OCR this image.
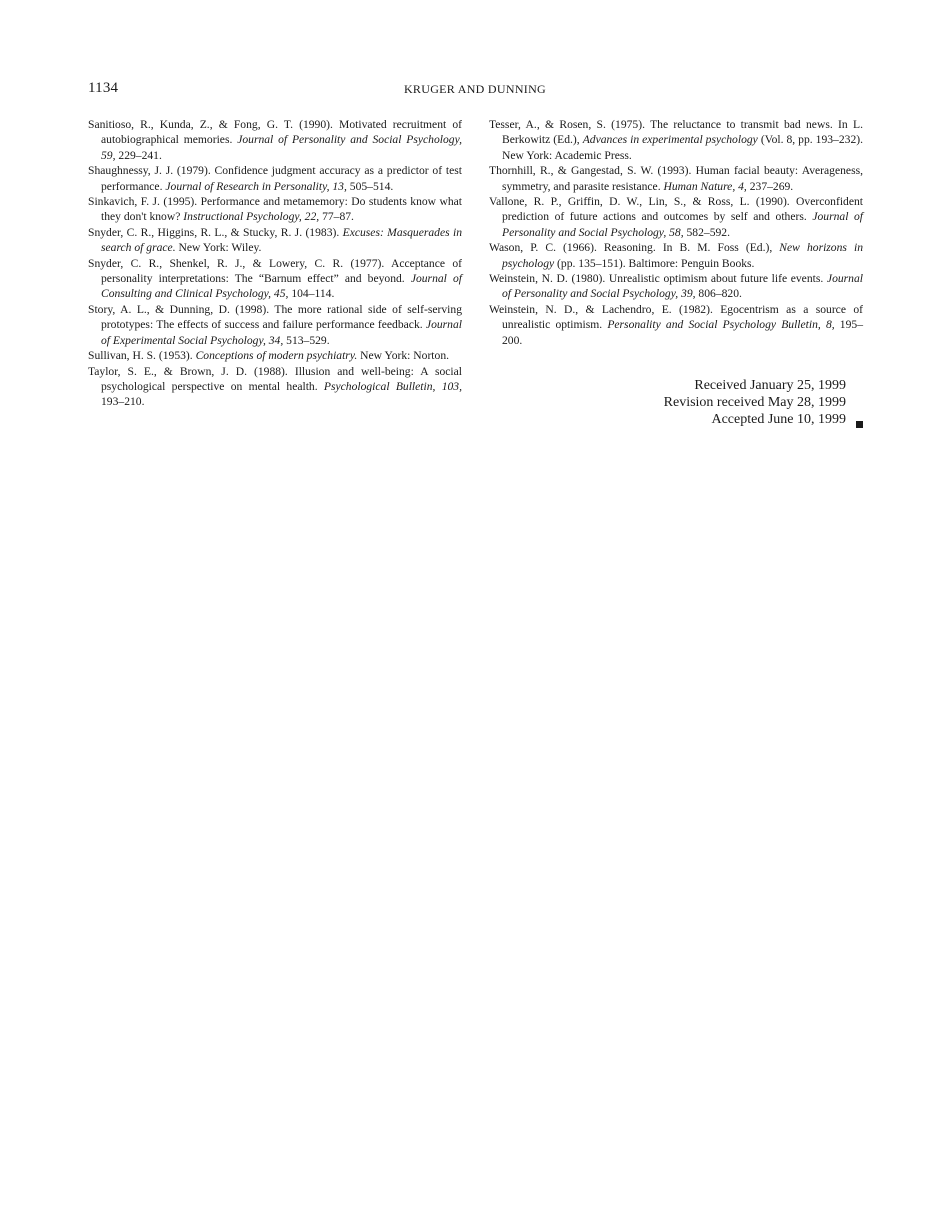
1134	KRUGER AND DUNNING

Sanitioso, R., Kunda, Z., & Fong, G. T. (1990). Motivated recruitment of autobiographical memories. Journal of Personality and Social Psychology, 59, 229–241.

Shaughnessy, J. J. (1979). Confidence judgment accuracy as a predictor of test performance. Journal of Research in Personality, 13, 505–514.

Sinkavich, F. J. (1995). Performance and metamemory: Do students know what they don't know? Instructional Psychology, 22, 77–87.

Snyder, C. R., Higgins, R. L., & Stucky, R. J. (1983). Excuses: Masquerades in search of grace. New York: Wiley.

Snyder, C. R., Shenkel, R. J., & Lowery, C. R. (1977). Acceptance of personality interpretations: The “Barnum effect” and beyond. Journal of Consulting and Clinical Psychology, 45, 104–114.

Story, A. L., & Dunning, D. (1998). The more rational side of self-serving prototypes: The effects of success and failure performance feedback. Journal of Experimental Social Psychology, 34, 513–529.

Sullivan, H. S. (1953). Conceptions of modern psychiatry. New York: Norton.

Taylor, S. E., & Brown, J. D. (1988). Illusion and well-being: A social psychological perspective on mental health. Psychological Bulletin, 103, 193–210.

Tesser, A., & Rosen, S. (1975). The reluctance to transmit bad news. In L. Berkowitz (Ed.), Advances in experimental psychology (Vol. 8, pp. 193–232). New York: Academic Press.

Thornhill, R., & Gangestad, S. W. (1993). Human facial beauty: Averageness, symmetry, and parasite resistance. Human Nature, 4, 237–269.

Vallone, R. P., Griffin, D. W., Lin, S., & Ross, L. (1990). Overconfident prediction of future actions and outcomes by self and others. Journal of Personality and Social Psychology, 58, 582–592.

Wason, P. C. (1966). Reasoning. In B. M. Foss (Ed.), New horizons in psychology (pp. 135–151). Baltimore: Penguin Books.

Weinstein, N. D. (1980). Unrealistic optimism about future life events. Journal of Personality and Social Psychology, 39, 806–820.

Weinstein, N. D., & Lachendro, E. (1982). Egocentrism as a source of unrealistic optimism. Personality and Social Psychology Bulletin, 8, 195–200.

Received January 25, 1999
Revision received May 28, 1999
Accepted June 10, 1999
